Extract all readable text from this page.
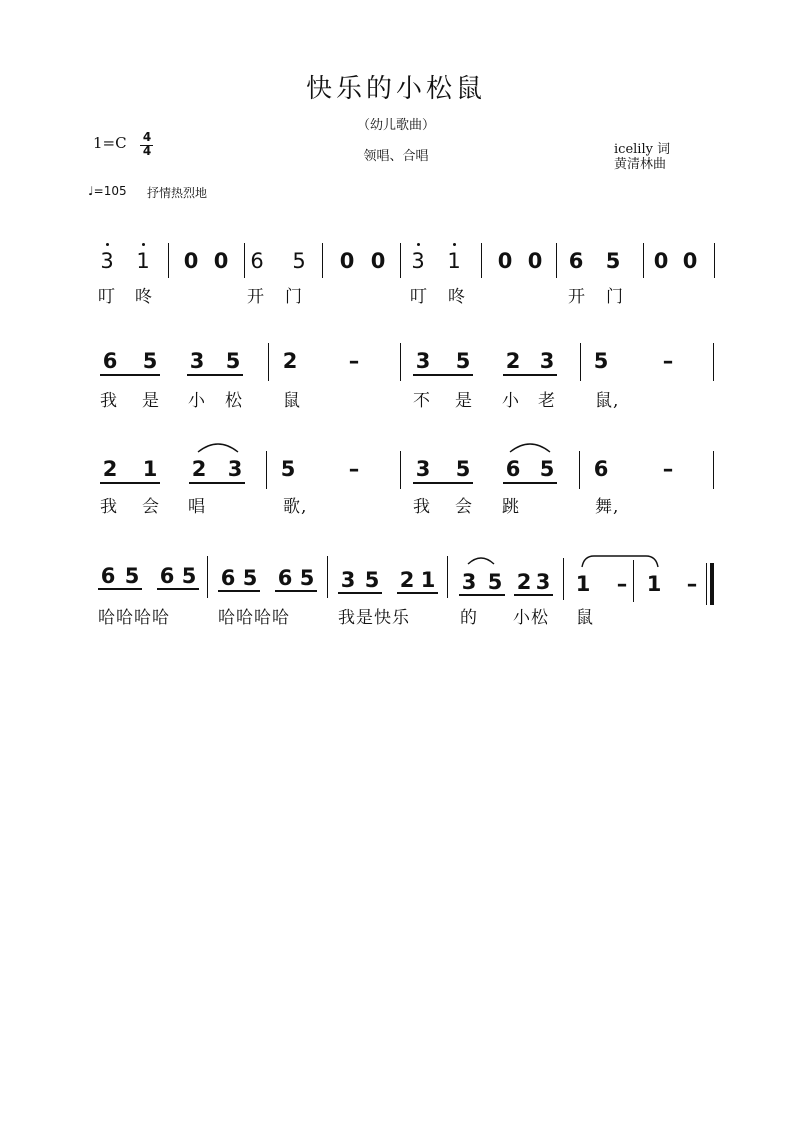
快乐的小松鼠
（幼儿歌曲）
1=C 4
4	领唱、合唱	icelily 词
黄清林曲
♩=105 抒情热烈地
3 1 0 0 6 5 0 0 3 1 0 0 6 5 0 0
叮 咚	开 门	叮 咚	开 门
6 5 3 5 2 –	3 5 2 3 5	–
我 是 小 松 鼠	不 是 小 老 鼠,
2 1 2 3 5	–	3 5 6 5 6	–
我 会 唱	歌,	我 会 跳	舞,
6 5 6 5 6 5 6 5 3 5 2 1 3 5 2 3 1 – 1 –
哈哈哈哈	哈哈哈哈	我是快乐	的 小松 鼠
